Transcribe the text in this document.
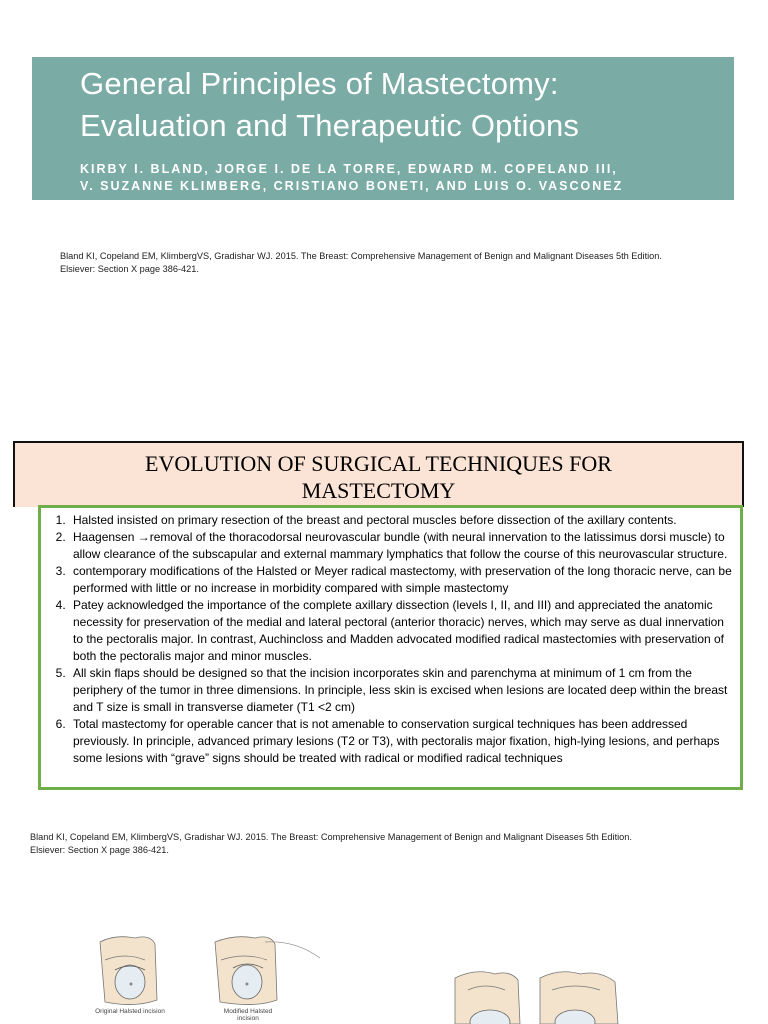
General Principles of Mastectomy:
Evaluation and Therapeutic Options
KIRBY I. BLAND, JORGE I. DE LA TORRE, EDWARD M. COPELAND III,
V. SUZANNE KLIMBERG, CRISTIANO BONETI, AND LUIS O. VASCONEZ
Bland KI, Copeland EM, KlimbergVS, Gradishar WJ. 2015. The Breast: Comprehensive Management of Benign and Malignant Diseases 5th Edition.
Elsiever: Section X page 386-421.
EVOLUTION OF SURGICAL TECHNIQUES FOR
MASTECTOMY
1. Halsted insisted on primary resection of the breast and pectoral muscles before dissection of the axillary contents.
2. Haagensen →removal of the thoracodorsal neurovascular bundle (with neural innervation to the latissimus dorsi muscle) to allow clearance of the subscapular and external mammary lymphatics that follow the course of this neurovascular structure.
3. contemporary modifications of the Halsted or Meyer radical mastectomy, with preservation of the long thoracic nerve, can be performed with little or no increase in morbidity compared with simple mastectomy
4. Patey acknowledged the importance of the complete axillary dissection (levels I, II, and III) and appreciated the anatomic necessity for preservation of the medial and lateral pectoral (anterior thoracic) nerves, which may serve as dual innervation to the pectoralis major. In contrast, Auchincloss and Madden advocated modified radical mastectomies with preservation of both the pectoralis major and minor muscles.
5. All skin flaps should be designed so that the incision incorporates skin and parenchyma at minimum of 1 cm from the periphery of the tumor in three dimensions. In principle, less skin is excised when lesions are located deep within the breast and T size is small in transverse diameter (T1 <2 cm)
6. Total mastectomy for operable cancer that is not amenable to conservation surgical techniques has been addressed previously. In principle, advanced primary lesions (T2 or T3), with pectoralis major fixation, high-lying lesions, and perhaps some lesions with “grave” signs should be treated with radical or modified radical techniques
Bland KI, Copeland EM, KlimbergVS, Gradishar WJ. 2015. The Breast: Comprehensive Management of Benign and Malignant Diseases 5th Edition.
Elsiever: Section X page 386-421.
Original Halsted incision	Modified Halsted incision
